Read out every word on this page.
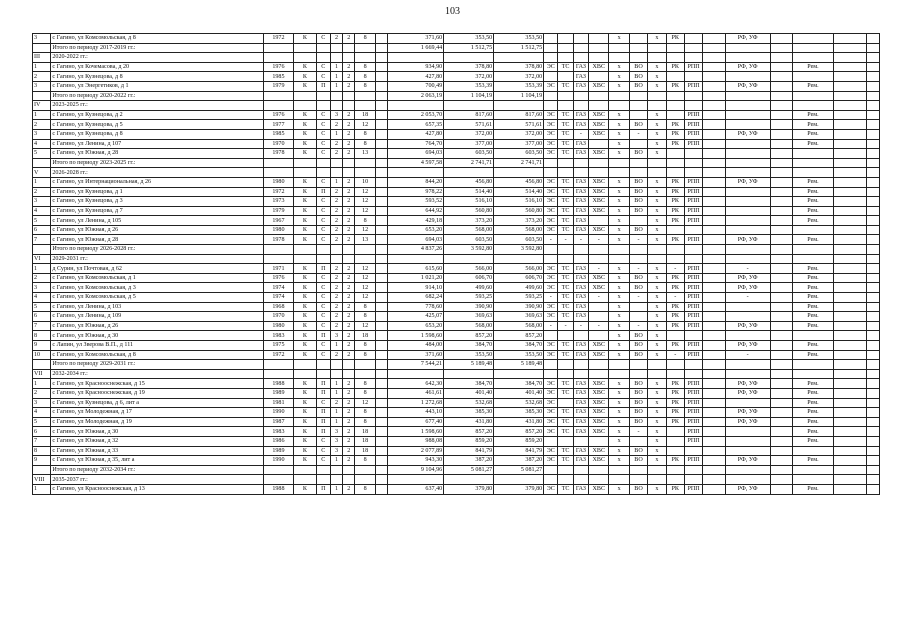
103
3	с Гагино, ул Комсомольская, д 8	1972	К	С	2	2	8		371,60	353,50	353,50					х		х	РК			РФ, УФ				
	Итого по периоду 2017-2019 гг.:								1 669,44	1 512,75	1 512,75															
III	2020-2022 гг.:																									
1	с Гагино, ул Кочемасова, д 20	1976	К	С	1	2	8		934,90	378,80	378,80	ЭС	ТС	ГАЗ	ХВС	х	ВО	х	РК	РПП		РФ, УФ		Рем.		
2	с Гагино, ул Кузнецова, д 8	1985	К	С	1	2	8		427,80	372,00	372,00			ГАЗ		х	ВО	х								
3	с Гагино, ул Энергетиков, д 1	1979	К	П	1	2	8		700,49	353,39	353,39	ЭС	ТС	ГАЗ	ХВС	х	ВО	х	РК	РПП		РФ, УФ		Рем.		
	Итого по периоду 2020-2022 гг.:								2 063,19	1 104,19	1 104,19															
IV	2023-2025 гг.:																									
1	с Гагино, ул Кузнецова, д 2	1976	К	С	3	2	18		2 053,70	817,60	817,60	ЭС	ТС	ГАЗ	ХВС	х		х		РПП				Рем.		
2	с Гагино, ул Кузнецова, д 5	1977	К	С	2	2	12		657,35	571,61	571,61	ЭС	ТС	ГАЗ	ХВС	х	ВО	х	РК	РПП				Рем.		
3	с Гагино, ул Кузнецова, д 8	1985	К	С	1	2	8		427,80	372,00	372,00	ЭС	ТС	-	ХВС	х	-	х	РК	РПП		РФ, УФ		Рем.		
4	с Гагино, ул Ленина, д 107	1970	К	С	2	2	8		764,70	377,00	377,00	ЭС	ТС	ГАЗ		х		х	РК	РПП				Рем.		
5	с Гагино, ул Южная, д 28	1978	К	С	2	2	13		694,03	603,50	603,50	ЭС	ТС	ГАЗ	ХВС	х	ВО	х								
	Итого по периоду 2023-2025 гг.:								4 597,58	2 741,71	2 741,71															
V	2026-2028 гг.:																									
1	с Гагино, ул Интернациональная, д 26	1980	К	С	1	2	10		844,20	456,80	456,80	ЭС	ТС	ГАЗ	ХВС	х	ВО	х	РК	РПП		РФ, УФ		Рем.		
2	с Гагино, ул Кузнецова, д 1	1972	К	П	2	2	12		978,22	514,40	514,40	ЭС	ТС	ГАЗ	ХВС	х	ВО	х	РК	РПП				Рем.		
3	с Гагино, ул Кузнецова, д 3	1973	К	С	2	2	12		593,52	516,10	516,10	ЭС	ТС	ГАЗ	ХВС	х	ВО	х	РК	РПП				Рем.		
4	с Гагино, ул Кузнецова, д 7	1979	К	С	2	2	12		644,92	560,80	560,80	ЭС	ТС	ГАЗ	ХВС	х	ВО	х	РК	РПП				Рем.		
5	с Гагино, ул Ленина, д 105	1967	К	С	2	2	8		429,18	373,20	373,20	ЭС	ТС	ГАЗ		х		х	РК	РПП				Рем.		
6	с Гагино, ул Южная, д 26	1980	К	С	2	2	12		653,20	568,00	568,00	ЭС	ТС	ГАЗ	ХВС	х	ВО	х								
7	с Гагино, ул Южная, д 28	1978	К	С	2	2	13		694,03	603,50	603,50	-	-	-	-	х	-	х	РК	РПП		РФ, УФ		Рем.		
	Итого по периоду 2026-2028 гг.:								4 837,26	3 592,80	3 592,80															
VI	2029-2031 гг.:																									
1	д Сурин, ул Почтовая, д 62	1971	К	П	2	2	12		615,60	566,00	566,00	ЭС	ТС	ГАЗ	-	х	-	х	-	РПП		-		Рем.		
2	с Гагино, ул Комсомольская, д 1	1976	К	С	2	2	12		1 021,20	606,70	606,70	ЭС	ТС	ГАЗ	ХВС	х	ВО	х	РК	РПП		РФ, УФ		Рем.		
3	с Гагино, ул Комсомольская, д 3	1974	К	С	2	2	12		914,10	499,60	499,60	ЭС	ТС	ГАЗ	ХВС	х	ВО	х	РК	РПП		РФ, УФ		Рем.		
4	с Гагино, ул Комсомольская, д 5	1974	К	С	2	2	12		682,24	593,25	593,25	-	ТС	ГАЗ	-	х	-	х	-	РПП		-		Рем.		
5	с Гагино, ул Ленина, д 103	1968	К	С	2	2	8		778,60	390,90	390,90	ЭС	ТС	ГАЗ		х		х	РК	РПП				Рем.		
6	с Гагино, ул Ленина, д 109	1970	К	С	2	2	8		425,07	369,63	369,63	ЭС	ТС	ГАЗ		х		х	РК	РПП				Рем.		
7	с Гагино, ул Южная, д 26	1980	К	С	2	2	12		653,20	568,00	568,00	-	-	-	-	х	-	х	РК	РПП		РФ, УФ		Рем.		
8	с Гагино, ул Южная, д 30	1983	К	П	3	2	18		1 598,60	857,20	857,20					х	ВО	х								
9	с Лапин, ул Зверова В.П., д 111	1975	К	С	1	2	8		484,00	384,70	384,70	ЭС	ТС	ГАЗ	ХВС	х	ВО	х	РК	РПП		РФ, УФ		Рем.		
10	с Гагино, ул Комсомольская, д 8	1972	К	С	2	2	8		371,60	353,50	353,50	ЭС	ТС	ГАЗ	ХВС	х	ВО	х	-	РПП		-		Рем.		
	Итого по периоду 2029-2031 гг.:								7 544,21	5 189,48	5 189,48															
VII	2032-2034 гг.:																									
1	с Гагино, ул Краснооснежская, д 15	1988	К	П	1	2	8		642,30	384,70	384,70	ЭС	ТС	ГАЗ	ХВС	х	ВО	х	РК	РПП		РФ, УФ		Рем.		
2	с Гагино, ул Краснооснежская, д 19	1989	К	П	1	2	8		461,61	401,40	401,40	ЭС	ТС	ГАЗ	ХВС	х	ВО	х	РК	РПП		РФ, УФ		Рем.		
3	с Гагино, ул Кузнецова, д 6, лит а	1981	К	С	2	2	12		1 272,68	532,68	532,68	ЭС		ГАЗ	ХВС	х	ВО	х	РК	РПП				Рем.		
4	с Гагино, ул Молодежная, д 17	1990	К	П	1	2	8		443,10	385,30	385,30	ЭС	ТС	ГАЗ	ХВС	х	ВО	х	РК	РПП		РФ, УФ		Рем.		
5	с Гагино, ул Молодежная, д 19	1987	К	П	1	2	8		677,40	431,80	431,80	ЭС	ТС	ГАЗ	ХВС	х	ВО	х	РК	РПП		РФ, УФ		Рем.		
6	с Гагино, ул Южная, д 30	1983	К	П	3	2	18		1 598,60	857,20	857,20	ЭС	ТС	ГАЗ	ХВС	х	-	х		РПП				Рем.		
7	с Гагино, ул Южная, д 32	1986	К	С	3	2	18		988,08	859,20	859,20					х		х		РПП				Рем.		
8	с Гагино, ул Южная, д 33	1989	К	С	3	2	18		2 077,89	841,79	841,79	ЭС	ТС	ГАЗ	ХВС	х	ВО	х								
9	с Гагино, ул Южная, д 35, лит а	1990	К	С	1	2	8		943,30	387,20	387,20	ЭС	ТС	ГАЗ	ХВС	х	ВО	х	РК	РПП		РФ, УФ		Рем.		
	Итого по периоду 2032-2034 гг.:								9 104,96	5 081,27	5 081,27															
VIII	2035-2037 гг.:																									
1	с Гагино, ул Краснооснежская, д 13	1988	К	П	1	2	8		637,40	379,80	379,80	ЭС	ТС	ГАЗ	ХВС	х	ВО	х	РК	РПП		РФ, УФ		Рем.		
